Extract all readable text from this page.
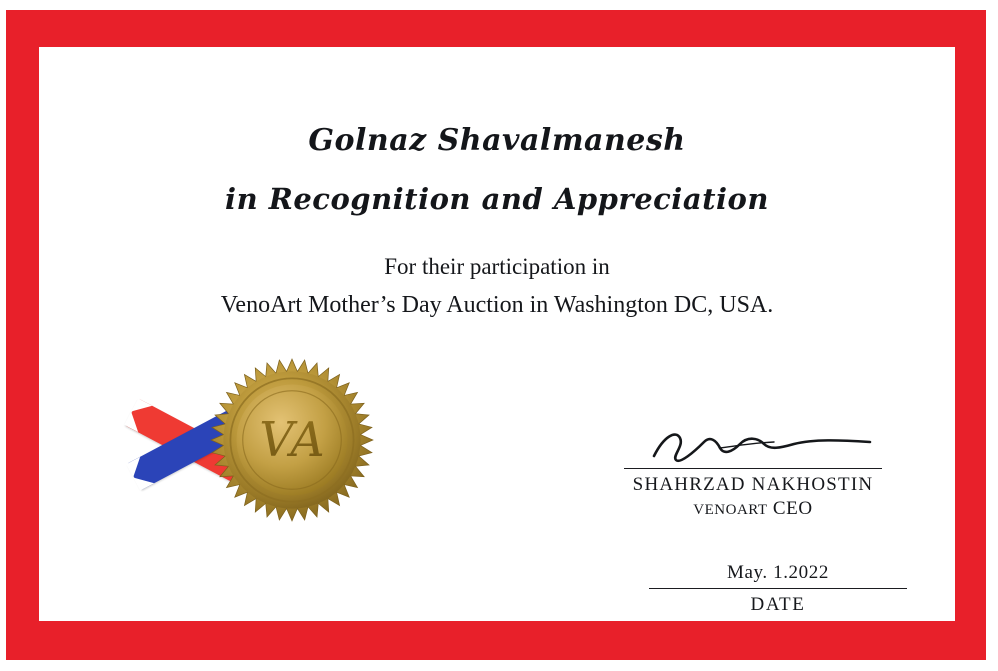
Golnaz Shavalmanesh
in Recognition and Appreciation
For their participation in
VenoArt Mother’s Day Auction in Washington DC, USA.
VA
SHAHRZAD NAKHOSTIN
VENOART CEO
May. 1.2022
DATE
